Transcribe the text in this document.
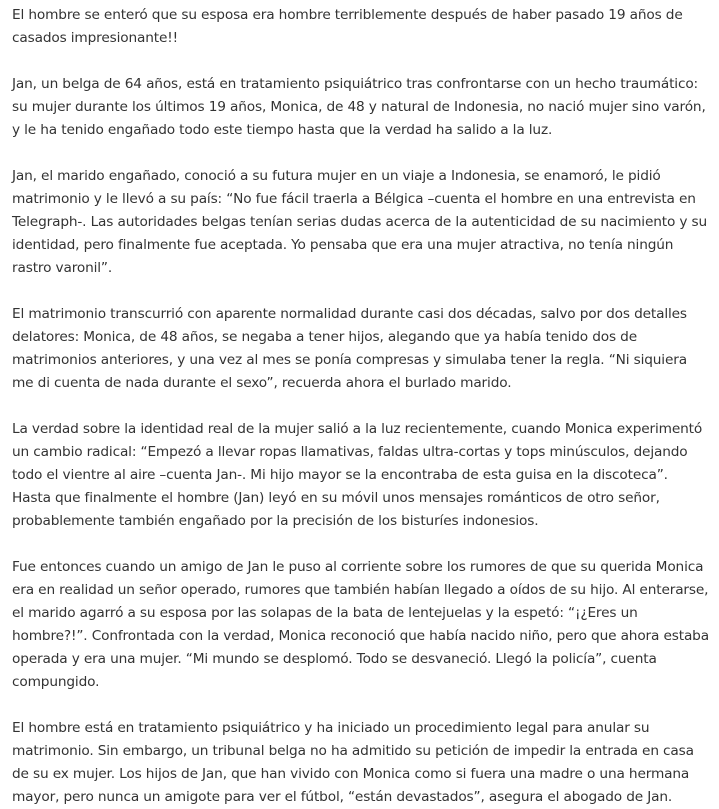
El hombre se enteró que su esposa era hombre terriblemente después de haber pasado 19 años de casados impresionante!!

Jan, un belga de 64 años, está en tratamiento psiquiátrico tras confrontarse con un hecho traumático: su mujer durante los últimos 19 años, Monica, de 48 y natural de Indonesia, no nació mujer sino varón, y le ha tenido engañado todo este tiempo hasta que la verdad ha salido a la luz.

Jan, el marido engañado, conoció a su futura mujer en un viaje a Indonesia, se enamoró, le pidió matrimonio y le llevó a su país: “No fue fácil traerla a Bélgica –cuenta el hombre en una entrevista en Telegraph-. Las autoridades belgas tenían serias dudas acerca de la autenticidad de su nacimiento y su identidad, pero finalmente fue aceptada. Yo pensaba que era una mujer atractiva, no tenía ningún rastro varonil”.

El matrimonio transcurrió con aparente normalidad durante casi dos décadas, salvo por dos detalles delatores: Monica, de 48 años, se negaba a tener hijos, alegando que ya había tenido dos de matrimonios anteriores, y una vez al mes se ponía compresas y simulaba tener la regla. “Ni siquiera me di cuenta de nada durante el sexo”, recuerda ahora el burlado marido.

La verdad sobre la identidad real de la mujer salió a la luz recientemente, cuando Monica experimentó un cambio radical: “Empezó a llevar ropas llamativas, faldas ultra-cortas y tops minúsculos, dejando todo el vientre al aire –cuenta Jan-. Mi hijo mayor se la encontraba de esta guisa en la discoteca”. Hasta que finalmente el hombre (Jan) leyó en su móvil unos mensajes románticos de otro señor, probablemente también engañado por la precisión de los bisturíes indonesios.

Fue entonces cuando un amigo de Jan le puso al corriente sobre los rumores de que su querida Monica era en realidad un señor operado, rumores que también habían llegado a oídos de su hijo. Al enterarse, el marido agarró a su esposa por las solapas de la bata de lentejuelas y la espetó: “¡¿Eres un hombre?!”. Confrontada con la verdad, Monica reconoció que había nacido niño, pero que ahora estaba operada y era una mujer. “Mi mundo se desplomó. Todo se desvaneció. Llegó la policía”, cuenta compungido.

El hombre está en tratamiento psiquiátrico y ha iniciado un procedimiento legal para anular su matrimonio. Sin embargo, un tribunal belga no ha admitido su petición de impedir la entrada en casa de su ex mujer. Los hijos de Jan, que han vivido con Monica como si fuera una madre o una hermana mayor, pero nunca un amigote para ver el fútbol, “están devastados”, asegura el abogado de Jan.
